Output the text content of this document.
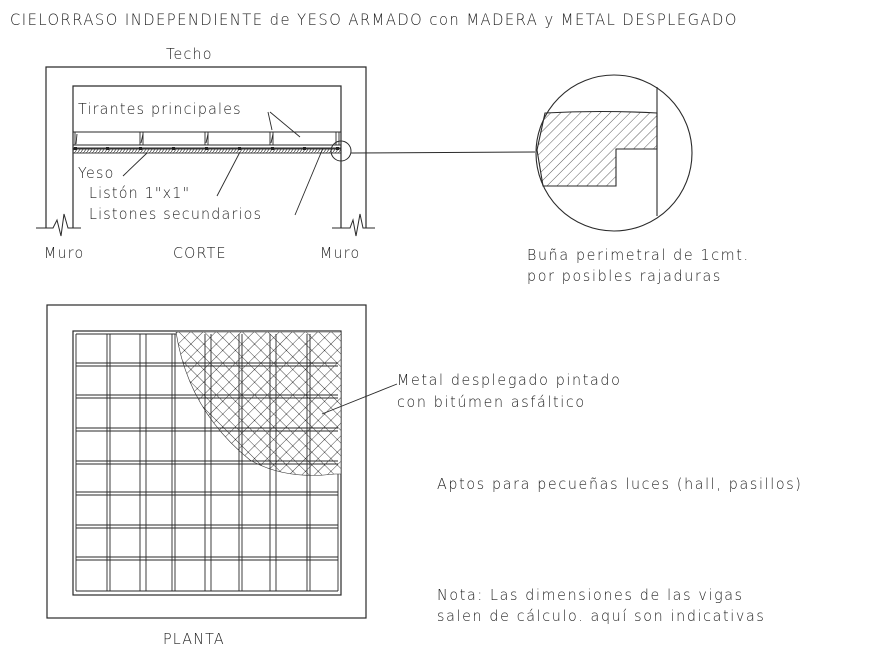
CIELORRASO INDEPENDIENTE de YESO ARMADO con MADERA y METAL DESPLEGADO
Techo
Tirantes principales
Yeso
Listón 1"x1"
Listones secundarios
Muro	CORTE	Muro	Buña perimetral de 1cmt.
por posibles rajaduras
Metal desplegado pintado
con bitúmen asfáltico
Aptos para pecueñas luces (hall, pasillos)
Nota: Las dimensiones de las vigas
salen de cálculo. aquí son indicativas
PLANTA
